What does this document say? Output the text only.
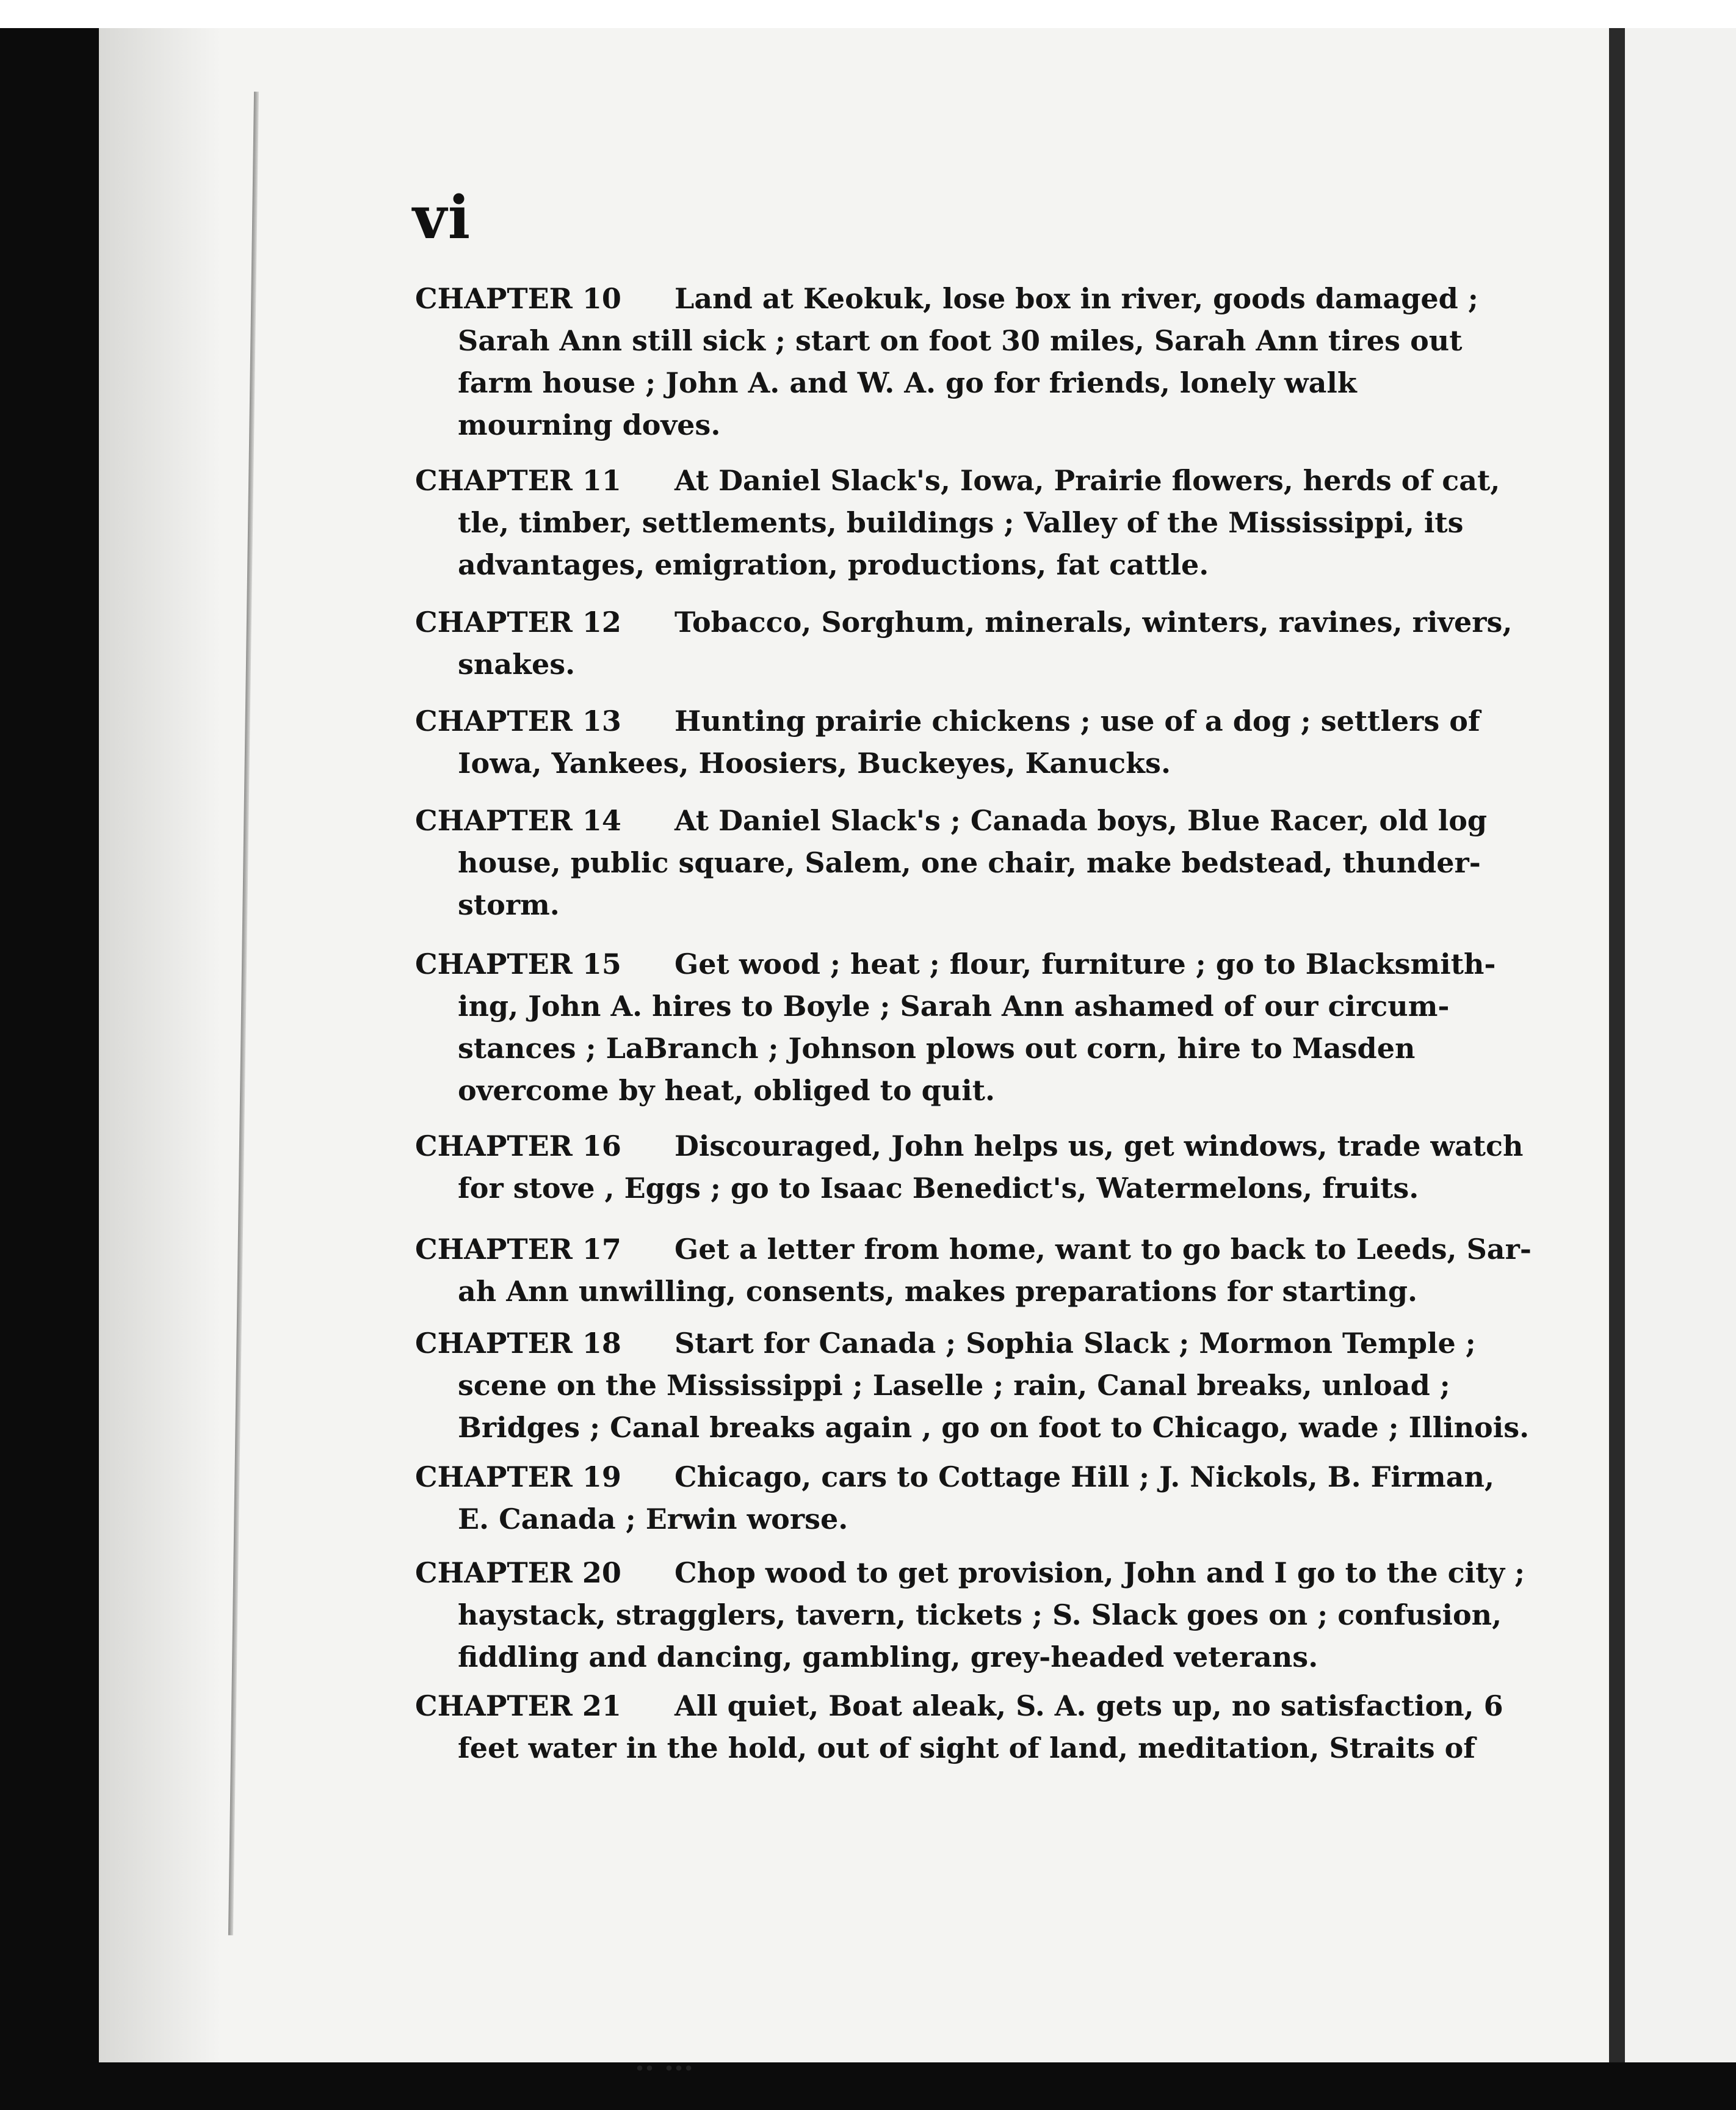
vi
CHAPTER 10 Land at Keokuk, lose box in river, goods damaged ;
Sarah Ann still sick ; start on foot 30 miles, Sarah Ann tires out
farm house ; John A. and W. A. go for friends, lonely walk
mourning doves.
CHAPTER 11 At Daniel Slack's, Iowa, Prairie flowers, herds of cat,
tle, timber, settlements, buildings ; Valley of the Mississippi, its
advantages, emigration, productions, fat cattle.
CHAPTER 12 Tobacco, Sorghum, minerals, winters, ravines, rivers,
snakes.
CHAPTER 13 Hunting prairie chickens ; use of a dog ; settlers of
Iowa, Yankees, Hoosiers, Buckeyes, Kanucks.
CHAPTER 14 At Daniel Slack's ; Canada boys, Blue Racer, old log
house, public square, Salem, one chair, make bedstead, thunder-
storm.
CHAPTER 15 Get wood ; heat ; flour, furniture ; go to Blacksmith-
ing, John A. hires to Boyle ; Sarah Ann ashamed of our circum-
stances ; LaBranch ; Johnson plows out corn, hire to Masden
overcome by heat, obliged to quit.
CHAPTER 16 Discouraged, John helps us, get windows, trade watch
for stove , Eggs ; go to Isaac Benedict's, Watermelons, fruits.
CHAPTER 17 Get a letter from home, want to go back to Leeds, Sar-
ah Ann unwilling, consents, makes preparations for starting.
CHAPTER 18 Start for Canada ; Sophia Slack ; Mormon Temple ;
scene on the Mississippi ; Laselle ; rain, Canal breaks, unload ;
Bridges ; Canal breaks again , go on foot to Chicago, wade ; Illinois.
CHAPTER 19 Chicago, cars to Cottage Hill ; J. Nickols, B. Firman,
E. Canada ; Erwin worse.
CHAPTER 20 Chop wood to get provision, John and I go to the city ;
haystack, stragglers, tavern, tickets ; S. Slack goes on ; confusion,
fiddling and dancing, gambling, grey-headed veterans.
CHAPTER 21 All quiet, Boat aleak, S. A. gets up, no satisfaction, 6
feet water in the hold, out of sight of land, meditation, Straits of
.. ...
